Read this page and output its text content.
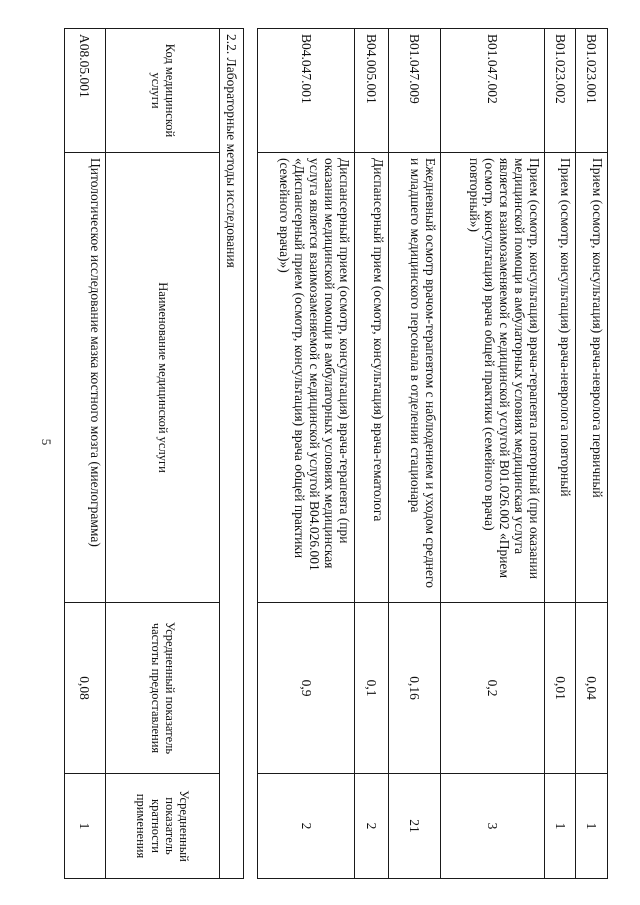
5
B01.023.001	Прием (осмотр, консультация) врача-невролога первичный	0,04	1
B01.023.002	Прием (осмотр, консультация) врача-невролога повторный	0,01	1
B01.047.002	Прием (осмотр, консультация) врача-терапевта повторный (при оказании медицинской помощи в амбулаторных условиях медицинская услуга является взаимозаменяемой с медицинской услугой B01.026.002 «Прием (осмотр, консультация) врача общей практики (семейного врача) повторный»)	0,2	3
B01.047.009	Ежедневный осмотр врачом-терапевтом с наблюдением и уходом среднего и младшего медицинского персонала в отделении стационара	0,16	21
B04.005.001	Диспансерный прием (осмотр, консультация) врача-гематолога	0,1	2
B04.047.001	Диспансерный прием (осмотр, консультация) врача-терапевта (при оказании медицинской помощи в амбулаторных условиях медицинская услуга является взаимозаменяемой с медицинской услугой B04.026.001 «Диспансерный прием (осмотр, консультация) врача общей практики (семейного врача)»)	0,9	2
2.2. Лабораторные методы исследования			
Код медицинской услуги	Наименование медицинской услуги	Усредненный показатель частоты предоставления	Усредненный показатель кратности применения
A08.05.001	Цитологическое исследование мазка костного мозга (миелограмма)	0,08	1
